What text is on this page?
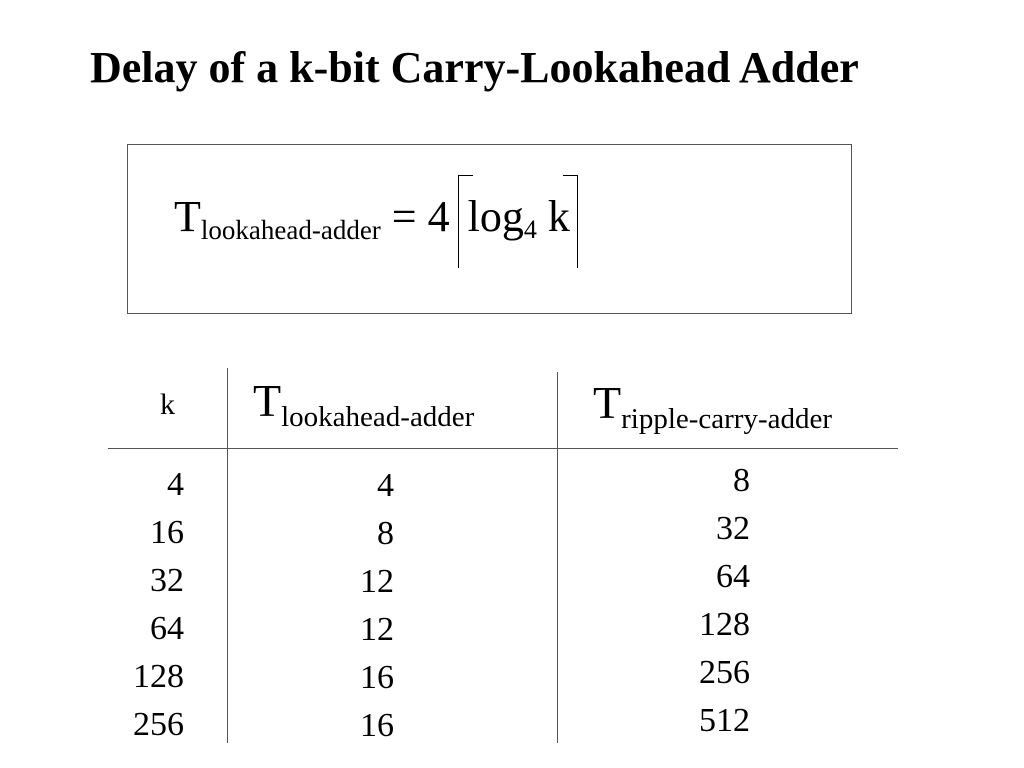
Delay of a k-bit Carry-Lookahead Adder
$T_{lookahead-adder} = 4$ $\log_4 k$
k $T_{lookahead-adder}$	$T_{ripple-carry-adder}$
4
16
32
64
128
256
4
8
12
12
16
16
8
32
64
128
256
512
